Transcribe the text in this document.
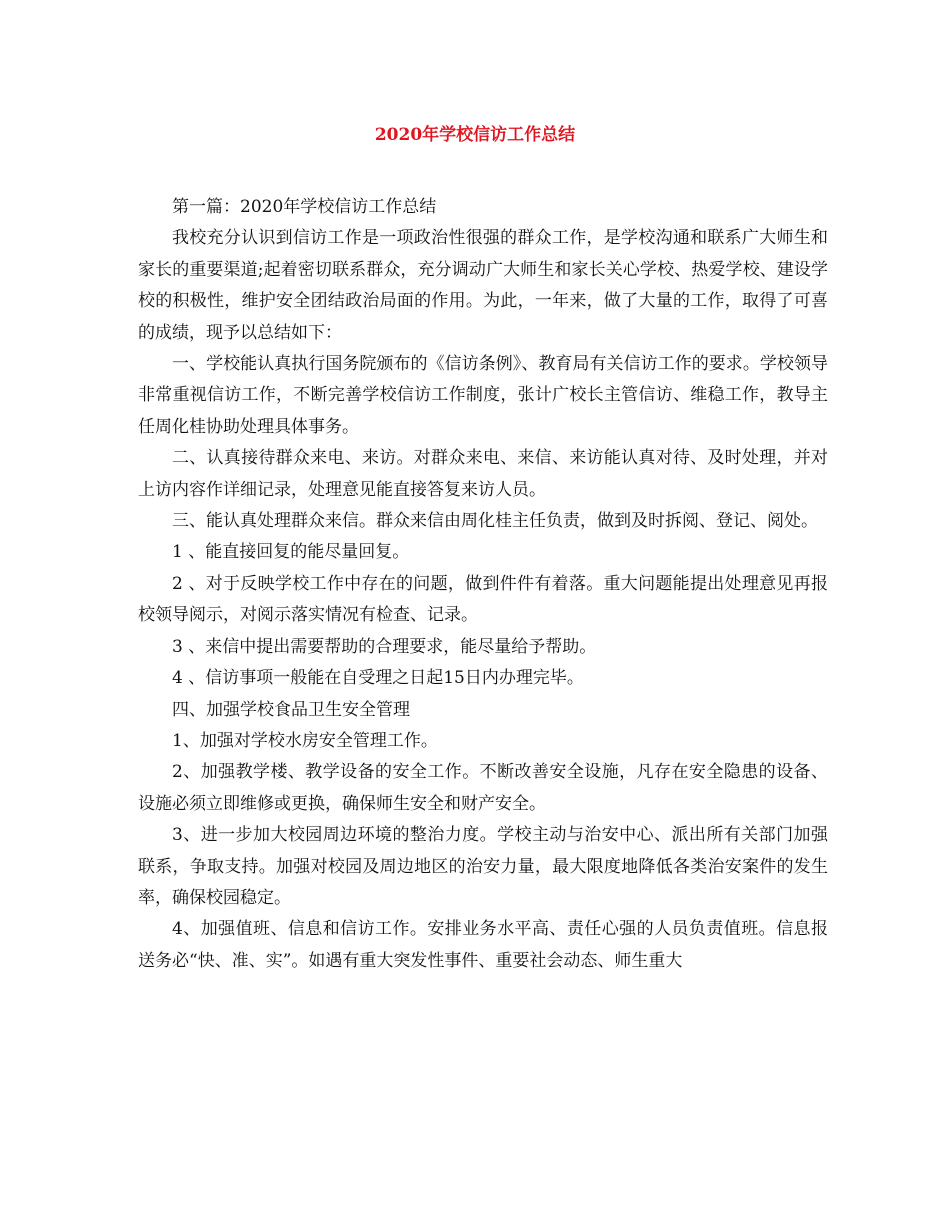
2020年学校信访工作总结

第一篇：2020年学校信访工作总结

我校充分认识到信访工作是一项政治性很强的群众工作，是学校沟通和联系广大师生和家长的重要渠道;起着密切联系群众，充分调动广大师生和家长关心学校、热爱学校、建设学校的积极性，维护安全团结政治局面的作用。为此，一年来，做了大量的工作，取得了可喜的成绩，现予以总结如下：

一、学校能认真执行国务院颁布的《信访条例》、教育局有关信访工作的要求。学校领导非常重视信访工作，不断完善学校信访工作制度，张计广校长主管信访、维稳工作，教导主任周化桂协助处理具体事务。

二、认真接待群众来电、来访。对群众来电、来信、来访能认真对待、及时处理，并对上访内容作详细记录，处理意见能直接答复来访人员。

三、能认真处理群众来信。群众来信由周化桂主任负责，做到及时拆阅、登记、阅处。

1 、能直接回复的能尽量回复。

2 、对于反映学校工作中存在的问题，做到件件有着落。重大问题能提出处理意见再报校领导阅示，对阅示落实情况有检查、记录。

3 、来信中提出需要帮助的合理要求，能尽量给予帮助。

4 、信访事项一般能在自受理之日起15日内办理完毕。

四、加强学校食品卫生安全管理

1、加强对学校水房安全管理工作。

2、加强教学楼、教学设备的安全工作。不断改善安全设施，凡存在安全隐患的设备、设施必须立即维修或更换，确保师生安全和财产安全。

3、进一步加大校园周边环境的整治力度。学校主动与治安中心、派出所有关部门加强联系，争取支持。加强对校园及周边地区的治安力量，最大限度地降低各类治安案件的发生率，确保校园稳定。

4、加强值班、信息和信访工作。安排业务水平高、责任心强的人员负责值班。信息报送务必“快、准、实”。如遇有重大突发性事件、重要社会动态、师生重大
